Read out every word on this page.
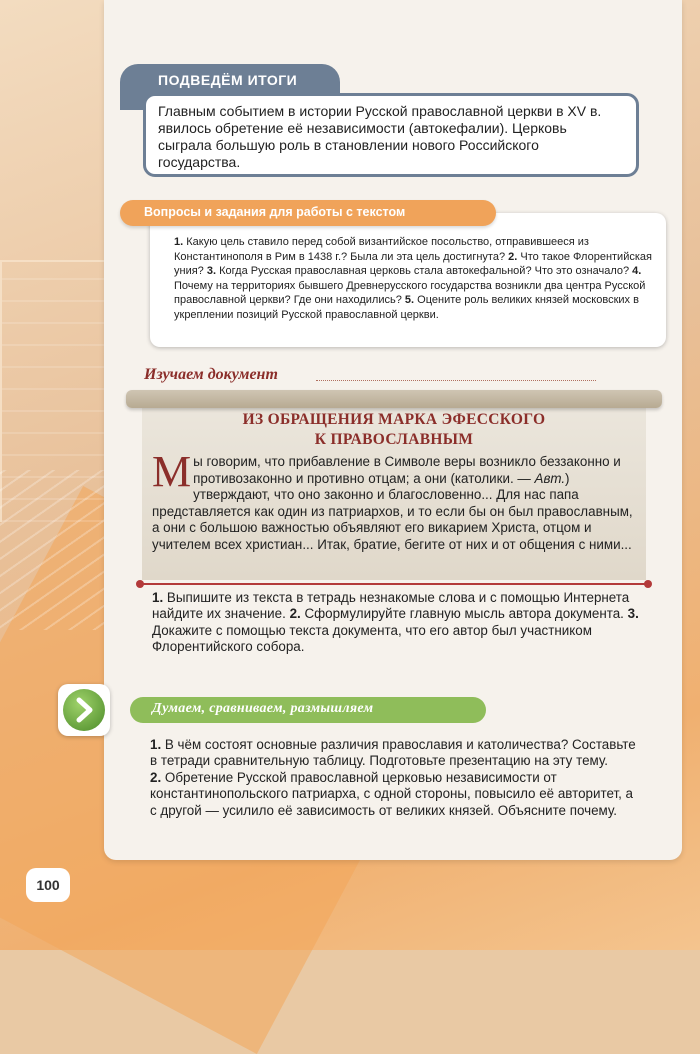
ПОДВЕДЁМ ИТОГИ
Главным событием в истории Русской православной церкви в XV в. явилось обретение её независимости (автокефалии). Церковь сыграла большую роль в становлении нового Российского государства.
1. Какую цель ставило перед собой византийское посольство, отправившееся из Константинополя в Рим в 1438 г.? Была ли эта цель достигнута? 2. Что такое Флорентийская уния? 3. Когда Русская православная церковь стала автокефальной? Что это означало? 4. Почему на территориях бывшего Древнерусского государства возникли два центра Русской православной церкви? Где они находились? 5. Оцените роль великих князей московских в укреплении позиций Русской православной церкви.
Вопросы и задания для работы с текстом
Изучаем документ
ИЗ ОБРАЩЕНИЯ МАРКА ЭФЕССКОГО
К ПРАВОСЛАВНЫМ
Мы говорим, что прибавление в Символе веры возникло беззаконно и противозаконно и противно отцам; а они (католики. — Авт.) утверждают, что оно законно и благословенно... Для нас папа представляется как один из патриархов, и то если бы он был православным, а они с большою важностью объявляют его викарием Христа, отцом и учителем всех христиан... Итак, братие, бегите от них и от общения с ними...
1. Выпишите из текста в тетрадь незнакомые слова и с помощью Интернета найдите их значение. 2. Сформулируйте главную мысль автора документа. 3. Докажите с помощью текста документа, что его автор был участником Флорентийского собора.
Думаем, сравниваем, размышляем
1. В чём состоят основные различия православия и католичества? Составьте в тетради сравнительную таблицу. Подготовьте презентацию на эту тему.
2. Обретение Русской православной церковью независимости от константинопольского патриарха, с одной стороны, повысило её авторитет, а с другой — усилило её зависимость от великих князей. Объясните почему.
100
